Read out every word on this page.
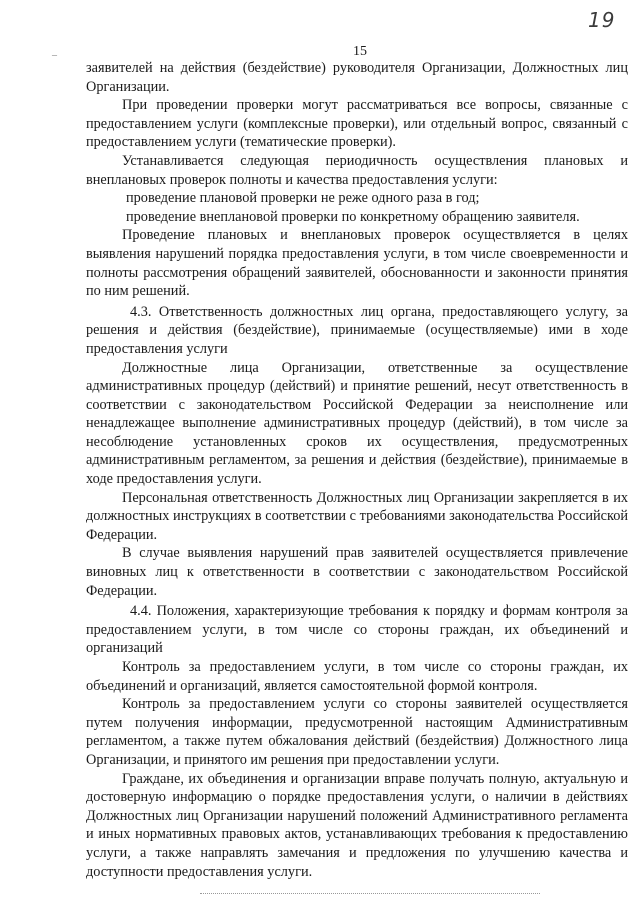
19
–	15

заявителей на действия (бездействие) руководителя Организации, Должностных лиц Организации.

При проведении проверки могут рассматриваться все вопросы, связанные с предоставлением услуги (комплексные проверки), или отдельный вопрос, связанный с предоставлением услуги (тематические проверки).

Устанавливается следующая периодичность осуществления плановых и внеплановых проверок полноты и качества предоставления услуги:

проведение плановой проверки не реже одного раза в год;

проведение внеплановой проверки по конкретному обращению заявителя.

Проведение плановых и внеплановых проверок осуществляется в целях выявления нарушений порядка предоставления услуги, в том числе своевременности и полноты рассмотрения обращений заявителей, обоснованности и законности принятия по ним решений.

4.3. Ответственность должностных лиц органа, предоставляющего услугу, за решения и действия (бездействие), принимаемые (осуществляемые) ими в ходе предоставления услуги

Должностные лица Организации, ответственные за осуществление административных процедур (действий) и принятие решений, несут ответственность в соответствии с законодательством Российской Федерации за неисполнение или ненадлежащее выполнение административных процедур (действий), в том числе за несоблюдение установленных сроков их осуществления, предусмотренных административным регламентом, за решения и действия (бездействие), принимаемые в ходе предоставления услуги.

Персональная ответственность Должностных лиц Организации закрепляется в их должностных инструкциях в соответствии с требованиями законодательства Российской Федерации.

В случае выявления нарушений прав заявителей осуществляется привлечение виновных лиц к ответственности в соответствии с законодательством Российской Федерации.

4.4. Положения, характеризующие требования к порядку и формам контроля за предоставлением услуги, в том числе со стороны граждан, их объединений и организаций

Контроль за предоставлением услуги, в том числе со стороны граждан, их объединений и организаций, является самостоятельной формой контроля.

Контроль за предоставлением услуги со стороны заявителей осуществляется путем получения информации, предусмотренной настоящим Административным регламентом, а также путем обжалования действий (бездействия) Должностного лица Организации, и принятого им решения при предоставлении услуги.

Граждане, их объединения и организации вправе получать полную, актуальную и достоверную информацию о порядке предоставления услуги, о наличии в действиях Должностных лиц Организации нарушений положений Административного регламента и иных нормативных правовых актов, устанавливающих требования к предоставлению услуги, а также направлять замечания и предложения по улучшению качества и доступности предоставления услуги.
